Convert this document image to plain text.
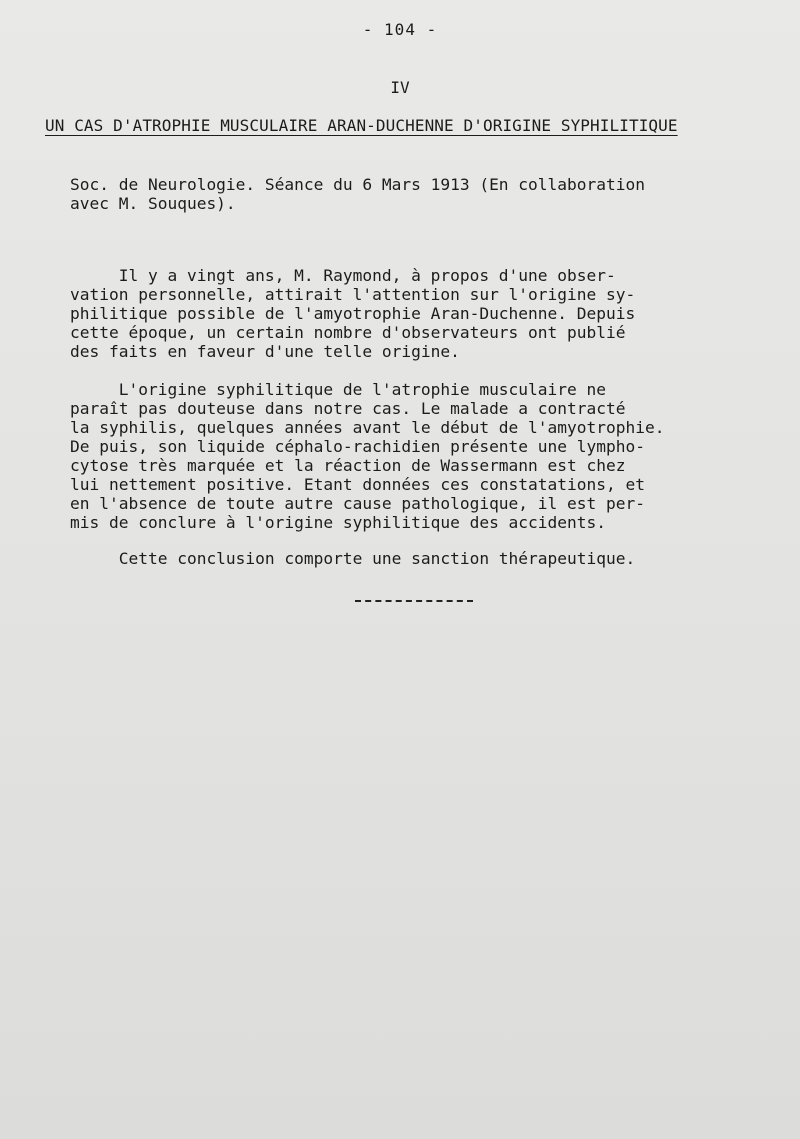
- 104 -
IV
UN CAS D'ATROPHIE MUSCULAIRE ARAN-DUCHENNE D'ORIGINE SYPHILITIQUE
Soc. de Neurologie. Séance du 6 Mars 1913 (En collaboration
avec M. Souques).
Il y a vingt ans, M. Raymond, à propos d'une obser-
vation personnelle, attirait l'attention sur l'origine sy-
philitique possible de l'amyotrophie Aran-Duchenne. Depuis
cette époque, un certain nombre d'observateurs ont publié
des faits en faveur d'une telle origine.
L'origine syphilitique de l'atrophie musculaire ne
paraît pas douteuse dans notre cas. Le malade a contracté
la syphilis, quelques années avant le début de l'amyotrophie.
De puis, son liquide céphalo-rachidien présente une lympho-
cytose très marquée et la réaction de Wassermann est chez
lui nettement positive. Etant données ces constatations, et
en l'absence de toute autre cause pathologique, il est per-
mis de conclure à l'origine syphilitique des accidents.
Cette conclusion comporte une sanction thérapeutique.
